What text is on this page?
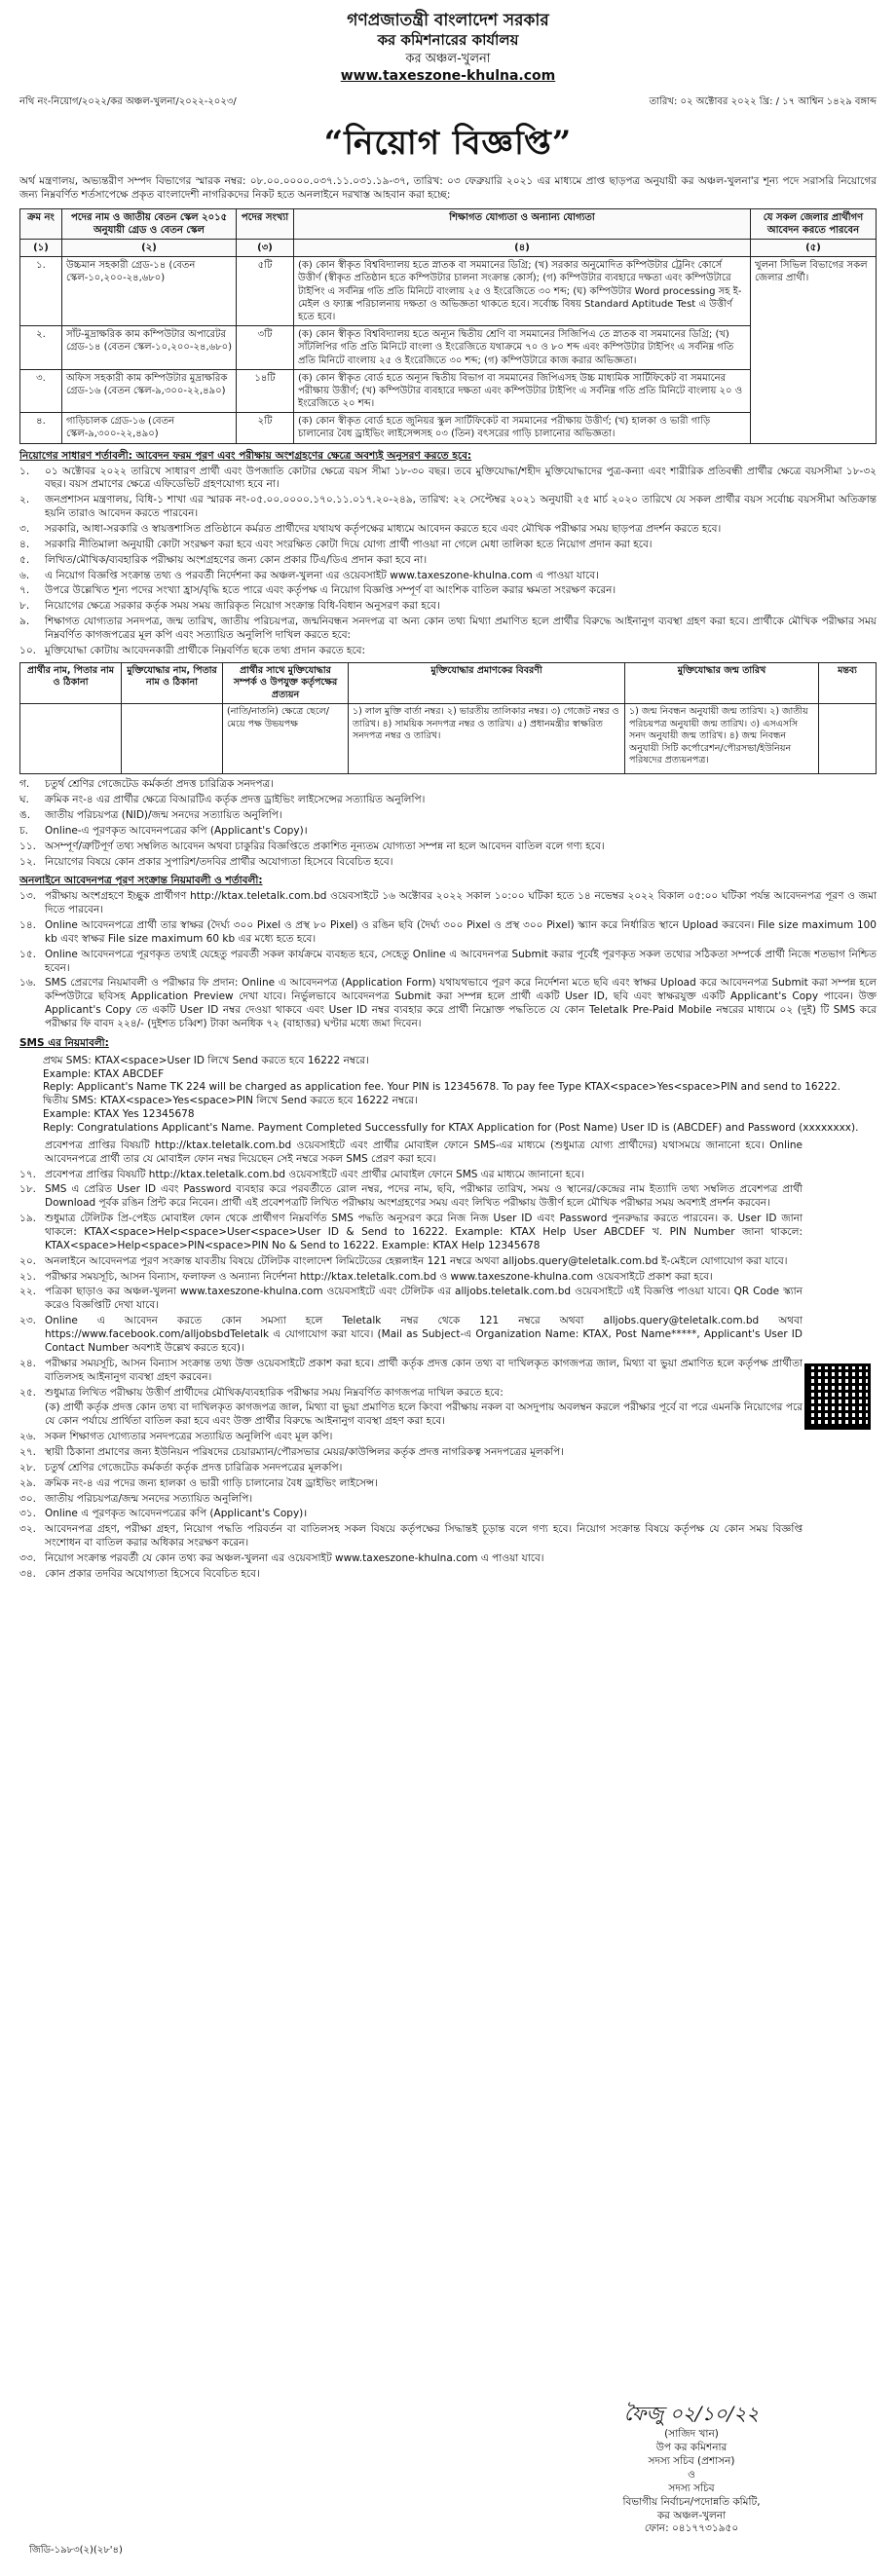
গণপ্রজাতন্ত্রী বাংলাদেশ সরকার
কর কমিশনারের কার্যালয়
কর অঞ্চল-খুলনা
www.taxeszone-khulna.com
নথি নং-নিয়োগ/২০২২/কর অঞ্চল-খুলনা/২০২২-২০২৩/	তারিখ: ০২ অক্টোবর ২০২২ খ্রি: / ১৭ আশ্বিন ১৪২৯ বঙ্গাব্দ
“নিয়োগ বিজ্ঞপ্তি”
অর্থ মন্ত্রণালয়, অভ্যন্তরীণ সম্পদ বিভাগের স্মারক নম্বর: ০৮.০০.০০০০.০৩৭.১১.০৩১.১৯-৩৭, তারিখ: ০৩ ফেব্রুয়ারি ২০২১ এর মাধ্যমে প্রাপ্ত ছাড়পত্র অনুযায়ী কর অঞ্চল-খুলনা'র শূন্য পদে সরাসরি নিয়োগের জন্য নিম্নবর্ণিত শর্তসাপেক্ষে প্রকৃত বাংলাদেশী নাগরিকদের নিকট হতে অনলাইনে দরখাস্ত আহবান করা হচ্ছে:
ক্রম নং	পদের নাম ও জাতীয় বেতন স্কেল ২০১৫ অনুযায়ী গ্রেড ও বেতন স্কেল	পদের সংখ্যা	শিক্ষাগত যোগ্যতা ও অন্যান্য যোগ্যতা	যে সকল জেলার প্রার্থীগণ আবেদন করতে পারবেন
(১)	(২)	(৩)	(৪)	(৫)
১.	উচ্চমান সহকারী গ্রেড-১৪ (বেতন স্কেল-১০,২০০-২৪,৬৮০)	৫টি	(ক) কোন স্বীকৃত বিশ্ববিদ্যালয় হতে স্নাতক বা সমমানের ডিগ্রি; (খ) সরকার অনুমোদিত কম্পিউটার ট্রেনিং কোর্সে উত্তীর্ণ (স্বীকৃত প্রতিষ্ঠান হতে কম্পিউটার চালনা সংক্রান্ত কোর্স); (গ) কম্পিউটার ব্যবহারে দক্ষতা এবং কম্পিউটারে টাইপিং এ সর্বনিম্ন গতি প্রতি মিনিটে বাংলায় ২৫ ও ইংরেজিতে ৩০ শব্দ; (ঘ) কম্পিউটার Word processing সহ ই-মেইল ও ফ্যাক্স পরিচালনায় দক্ষতা ও অভিজ্ঞতা থাকতে হবে। সর্বোচ্চ বিষয় Standard Aptitude Test এ উত্তীর্ণ হতে হবে।	খুলনা সিভিল বিভাগের সকল জেলার প্রার্থী।
২.	সাঁট-মুদ্রাক্ষরিক কাম কম্পিউটার অপারেটর গ্রেড-১৪ (বেতন স্কেল-১০,২০০-২৪,৬৮০)	৩টি	(ক) কোন স্বীকৃত বিশ্ববিদ্যালয় হতে অন্যূন দ্বিতীয় শ্রেণি বা সমমানের সিজিপিএ তে স্নাতক বা সমমানের ডিগ্রি; (খ) সাঁটলিপির গতি প্রতি মিনিটে বাংলা ও ইংরেজিতে যথাক্রমে ৭০ ও ৮০ শব্দ এবং কম্পিউটার টাইপিং এ সর্বনিম্ন গতি প্রতি মিনিটে বাংলায় ২৫ ও ইংরেজিতে ৩০ শব্দ; (গ) কম্পিউটারে কাজ করার অভিজ্ঞতা।	
৩.	অফিস সহকারী কাম কম্পিউটার মুদ্রাক্ষরিক গ্রেড-১৬ (বেতন স্কেল-৯,৩০০-২২,৪৯০)	১৪টি	(ক) কোন স্বীকৃত বোর্ড হতে অন্যূন দ্বিতীয় বিভাগ বা সমমানের জিপিএসহ উচ্চ মাধ্যমিক সার্টিফিকেট বা সমমানের পরীক্ষায় উত্তীর্ণ; (খ) কম্পিউটার ব্যবহারে দক্ষতা এবং কম্পিউটার টাইপিং এ সর্বনিম্ন গতি প্রতি মিনিটে বাংলায় ২০ ও ইংরেজিতে ২০ শব্দ।	
৪.	গাড়িচালক গ্রেড-১৬ (বেতন স্কেল-৯,৩০০-২২,৪৯০)	২টি	(ক) কোন স্বীকৃত বোর্ড হতে জুনিয়র স্কুল সার্টিফিকেট বা সমমানের পরীক্ষায় উত্তীর্ণ; (খ) হালকা ও ভারী গাড়ি চালানোর বৈধ ড্রাইভিং লাইসেন্সসহ ০৩ (তিন) বৎসরের গাড়ি চালানোর অভিজ্ঞতা।	
নিয়োগের সাধারণ শর্তাবলী: আবেদন ফরম পূরণ এবং পরীক্ষায় অংশগ্রহণের ক্ষেত্রে অবশ্যই অনুসরণ করতে হবে:
১.	০১ অক্টোবর ২০২২ তারিখে সাধারণ প্রার্থী এবং উপজাতি কোটার ক্ষেত্রে বয়স সীমা ১৮-৩০ বছর। তবে মুক্তিযোদ্ধা/শহীদ মুক্তিযোদ্ধাদের পুত্র-কন্যা এবং শারীরিক প্রতিবন্ধী প্রার্থীর ক্ষেত্রে বয়সসীমা ১৮-৩২ বছর। বয়স প্রমাণের ক্ষেত্রে এফিডেভিট গ্রহণযোগ্য হবে না।
২.	জনপ্রশাসন মন্ত্রণালয়, বিধি-১ শাখা এর স্মারক নং-০৫.০০.০০০০.১৭০.১১.০১৭.২০-২৪৯, তারিখ: ২২ সেপ্টেম্বর ২০২১ অনুযায়ী ২৫ মার্চ ২০২০ তারিখে যে সকল প্রার্থীর বয়স সর্বোচ্চ বয়সসীমা অতিক্রান্ত হয়নি তারাও আবেদন করতে পারবেন।
৩.	সরকারি, আধা-সরকারি ও স্বায়ত্তশাসিত প্রতিষ্ঠানে কর্মরত প্রার্থীদের যথাযথ কর্তৃপক্ষের মাধ্যমে আবেদন করতে হবে এবং মৌখিক পরীক্ষার সময় ছাড়পত্র প্রদর্শন করতে হবে।
৪.	সরকারি নীতিমালা অনুযায়ী কোটা সংরক্ষণ করা হবে এবং সংরক্ষিত কোটা দিয়ে যোগ্য প্রার্থী পাওয়া না গেলে মেধা তালিকা হতে নিয়োগ প্রদান করা হবে।
৫.	লিখিত/মৌখিক/ব্যবহারিক পরীক্ষায় অংশগ্রহণের জন্য কোন প্রকার টিএ/ডিএ প্রদান করা হবে না।
৬.	এ নিয়োগ বিজ্ঞপ্তি সংক্রান্ত তথ্য ও পরবর্তী নির্দেশনা কর অঞ্চল-খুলনা এর ওয়েবসাইট www.taxeszone-khulna.com এ পাওয়া যাবে।
৭.	উপরে উল্লেখিত শূন্য পদের সংখ্যা হ্রাস/বৃদ্ধি হতে পারে এবং কর্তৃপক্ষ এ নিয়োগ বিজ্ঞপ্তি সম্পূর্ণ বা আংশিক বাতিল করার ক্ষমতা সংরক্ষণ করেন।
৮.	নিয়োগের ক্ষেত্রে সরকার কর্তৃক সময় সময় জারিকৃত নিয়োগ সংক্রান্ত বিধি-বিধান অনুসরণ করা হবে।
৯.	শিক্ষাগত যোগ্যতার সনদপত্র, জন্ম তারিখ, জাতীয় পরিচয়পত্র, জন্মনিবন্ধন সনদপত্র বা অন্য কোন তথ্য মিথ্যা প্রমাণিত হলে প্রার্থীর বিরুদ্ধে আইনানুগ ব্যবস্থা গ্রহণ করা হবে। প্রার্থীকে মৌখিক পরীক্ষার সময় নিম্নবর্ণিত কাগজপত্রের মূল কপি এবং সত্যায়িত অনুলিপি দাখিল করতে হবে:
১০. মুক্তিযোদ্ধা কোটায় আবেদনকারী প্রার্থীকে নিম্নবর্ণিত ছকে তথ্য প্রদান করতে হবে:
প্রার্থীর নাম, পিতার নাম ও ঠিকানা	মুক্তিযোদ্ধার নাম, পিতার নাম ও ঠিকানা	প্রার্থীর সাথে মুক্তিযোদ্ধার সম্পর্ক ও উপযুক্ত কর্তৃপক্ষের প্রত্যয়ন	মুক্তিযোদ্ধার প্রমাণকের বিবরণী	মুক্তিযোদ্ধার জন্ম তারিখ	মন্তব্য
		(নাতি/নাতনি) ক্ষেত্রে ছেলে/মেয়ে পক্ষ উভয়পক্ষ	১) লাল মুক্তি বার্তা নম্বর। ২) ভারতীয় তালিকার নম্বর। ৩) গেজেট নম্বর ও তারিখ। ৪) সাময়িক সনদপত্র নম্বর ও তারিখ। ৫) প্রধানমন্ত্রীর স্বাক্ষরিত সনদপত্র নম্বর ও তারিখ।	১) জন্ম নিবন্ধন অনুযায়ী জন্ম তারিখ। ২) জাতীয় পরিচয়পত্র অনুযায়ী জন্ম তারিখ। ৩) এসএসসি সনদ অনুযায়ী জন্ম তারিখ। ৪) জন্ম নিবন্ধন অনুযায়ী সিটি কর্পোরেশন/পৌরসভা/ইউনিয়ন পরিষদের প্রত্যয়নপত্র।	
গ.	চতুর্থ শ্রেণির গেজেটেড কর্মকর্তা প্রদত্ত চারিত্রিক সনদপত্র।
ঘ.	ক্রমিক নং-৪ এর প্রার্থীর ক্ষেত্রে বিআরটিএ কর্তৃক প্রদত্ত ড্রাইভিং লাইসেন্সের সত্যায়িত অনুলিপি।
ঙ.	জাতীয় পরিচয়পত্র (NID)/জন্ম সনদের সত্যায়িত অনুলিপি।
চ.	Online-এ পূরণকৃত আবেদনপত্রের কপি (Applicant's Copy)।
১১. অসম্পূর্ণ/ত্রুটিপূর্ণ তথ্য সম্বলিত আবেদন অথবা চাকুরির বিজ্ঞপ্তিতে প্রকাশিত নূন্যতম যোগ্যতা সম্পন্ন না হলে আবেদন বাতিল বলে গণ্য হবে।
১২. নিয়োগের বিষয়ে কোন প্রকার সুপারিশ/তদবির প্রার্থীর অযোগ্যতা হিসেবে বিবেচিত হবে।
অনলাইনে আবেদনপত্র পূরণ সংক্রান্ত নিয়মাবলী ও শর্তাবলী:
১৩. পরীক্ষায় অংশগ্রহণে ইচ্ছুক প্রার্থীগণ http://ktax.teletalk.com.bd ওয়েবসাইটে ১৬ অক্টোবর ২০২২ সকাল ১০:০০ ঘটিকা হতে ১৪ নভেম্বর ২০২২ বিকাল ০৫:০০ ঘটিকা পর্যন্ত আবেদনপত্র পূরণ ও জমা দিতে পারবেন।
১৪. Online আবেদনপত্রে প্রার্থী তার স্বাক্ষর (দৈর্ঘ্য ৩০০ Pixel ও প্রস্থ ৮০ Pixel) ও রঙিন ছবি (দৈর্ঘ্য ৩০০ Pixel ও প্রস্থ ৩০০ Pixel) স্ক্যান করে নির্ধারিত স্থানে Upload করবেন। File size maximum 100 kb এবং স্বাক্ষর File size maximum 60 kb এর মধ্যে হতে হবে।
১৫. Online আবেদনপত্রে পূরণকৃত তথ্যই যেহেতু পরবর্তী সকল কার্যক্রমে ব্যবহৃত হবে, সেহেতু Online এ আবেদনপত্র Submit করার পূর্বেই পূরণকৃত সকল তথ্যের সঠিকতা সম্পর্কে প্রার্থী নিজে শতভাগ নিশ্চিত হবেন।
১৬. SMS প্রেরণের নিয়মাবলী ও পরীক্ষার ফি প্রদান: Online এ আবেদনপত্র (Application Form) যথাযথভাবে পূরণ করে নির্দেশনা মতে ছবি এবং স্বাক্ষর Upload করে আবেদনপত্র Submit করা সম্পন্ন হলে কম্পিউটারে ছবিসহ Application Preview দেখা যাবে। নির্ভুলভাবে আবেদনপত্র Submit করা সম্পন্ন হলে প্রার্থী একটি User ID, ছবি এবং স্বাক্ষরযুক্ত একটি Applicant's Copy পাবেন। উক্ত Applicant's Copy তে একটি User ID নম্বর দেওয়া থাকবে এবং User ID নম্বর ব্যবহার করে প্রার্থী নিম্নোক্ত পদ্ধতিতে যে কোন Teletalk Pre-Paid Mobile নম্বরের মাধ্যমে ০২ (দুই) টি SMS করে পরীক্ষার ফি বাবদ ২২৪/- (দুইশত চব্বিশ) টাকা অনধিক ৭২ (বাহাত্তর) ঘণ্টার মধ্যে জমা দিবেন।
SMS এর নিয়মাবলী:
প্রথম SMS: KTAX<space>User ID লিখে Send করতে হবে 16222 নম্বরে।
Example: KTAX ABCDEF
Reply: Applicant's Name TK 224 will be charged as application fee. Your PIN is 12345678. To pay fee Type KTAX<space>Yes<space>PIN and send to 16222.
দ্বিতীয় SMS: KTAX<space>Yes<space>PIN লিখে Send করতে হবে 16222 নম্বরে।
Example: KTAX Yes 12345678
Reply: Congratulations Applicant's Name. Payment Completed Successfully for KTAX Application for (Post Name) User ID is (ABCDEF) and Password (xxxxxxxx).
প্রবেশপত্র প্রাপ্তির বিষয়টি http://ktax.teletalk.com.bd ওয়েবসাইটে এবং প্রার্থীর মোবাইল ফোনে SMS-এর মাধ্যমে (শুধুমাত্র যোগ্য প্রার্থীদের) যথাসময়ে জানানো হবে। Online আবেদনপত্রে প্রার্থী তার যে মোবাইল ফোন নম্বর দিয়েছেন সেই নম্বরে সকল SMS প্রেরণ করা হবে।
১৭. প্রবেশপত্র প্রাপ্তির বিষয়টি http://ktax.teletalk.com.bd ওয়েবসাইটে এবং প্রার্থীর মোবাইল ফোনে SMS এর মাধ্যমে জানানো হবে।
১৮. SMS এ প্রেরিত User ID এবং Password ব্যবহার করে পরবর্তীতে রোল নম্বর, পদের নাম, ছবি, পরীক্ষার তারিখ, সময় ও স্থানের/কেন্দ্রের নাম ইত্যাদি তথ্য সম্বলিত প্রবেশপত্র প্রার্থী Download পূর্বক রঙিন প্রিন্ট করে নিবেন। প্রার্থী এই প্রবেশপত্রটি লিখিত পরীক্ষায় অংশগ্রহণের সময় এবং লিখিত পরীক্ষায় উত্তীর্ণ হলে মৌখিক পরীক্ষার সময় অবশ্যই প্রদর্শন করবেন।
১৯. শুধুমাত্র টেলিটক প্রি-পেইড মোবাইল ফোন থেকে প্রার্থীগণ নিম্নবর্ণিত SMS পদ্ধতি অনুসরণ করে নিজ নিজ User ID এবং Password পুনরুদ্ধার করতে পারবেন। ক. User ID জানা থাকলে: KTAX<space>Help<space>User<space>User ID & Send to 16222. Example: KTAX Help User ABCDEF খ. PIN Number জানা থাকলে: KTAX<space>Help<space>PIN<space>PIN No & Send to 16222. Example: KTAX Help 12345678
২০. অনলাইনে আবেদনপত্র পূরণ সংক্রান্ত যাবতীয় বিষয়ে টেলিটক বাংলাদেশ লিমিটেডের হেল্পলাইন 121 নম্বরে অথবা alljobs.query@teletalk.com.bd ই-মেইলে যোগাযোগ করা যাবে।
২১. পরীক্ষার সময়সূচি, আসন বিন্যাস, ফলাফল ও অন্যান্য নির্দেশনা http://ktax.teletalk.com.bd ও www.taxeszone-khulna.com ওয়েবসাইটে প্রকাশ করা হবে।
২২. পত্রিকা ছাড়াও কর অঞ্চল-খুলনা www.taxeszone-khulna.com ওয়েবসাইটে এবং টেলিটক এর alljobs.teletalk.com.bd ওয়েবসাইটে এই বিজ্ঞপ্তি পাওয়া যাবে। QR Code স্ক্যান করেও বিজ্ঞপ্তিটি দেখা যাবে।
২৩. Online এ আবেদন করতে কোন সমস্যা হলে Teletalk নম্বর থেকে 121 নম্বরে অথবা alljobs.query@teletalk.com.bd অথবা https://www.facebook.com/alljobsbdTeletalk এ যোগাযোগ করা যাবে। (Mail as Subject-এ Organization Name: KTAX, Post Name*****, Applicant's User ID Contact Number অবশ্যই উল্লেখ করতে হবে)।
২৪. পরীক্ষার সময়সূচি, আসন বিন্যাস সংক্রান্ত তথ্য উক্ত ওয়েবসাইটে প্রকাশ করা হবে। প্রার্থী কর্তৃক প্রদত্ত কোন তথ্য বা দাখিলকৃত কাগজপত্র জাল, মিথ্যা বা ভুয়া প্রমাণিত হলে কর্তৃপক্ষ প্রার্থীতা বাতিলসহ আইনানুগ ব্যবস্থা গ্রহণ করবেন।
২৫. শুধুমাত্র লিখিত পরীক্ষায় উত্তীর্ণ প্রার্থীদের মৌখিক/ব্যবহারিক পরীক্ষার সময় নিম্নবর্ণিত কাগজপত্র দাখিল করতে হবে:
(ক) প্রার্থী কর্তৃক প্রদত্ত কোন তথ্য বা দাখিলকৃত কাগজপত্র জাল, মিথ্যা বা ভুয়া প্রমাণিত হলে কিংবা পরীক্ষায় নকল বা অসদুপায় অবলম্বন করলে পরীক্ষার পূর্বে বা পরে এমনকি নিয়োগের পরে যে কোন পর্যায়ে প্রার্থিতা বাতিল করা হবে এবং উক্ত প্রার্থীর বিরুদ্ধে আইনানুগ ব্যবস্থা গ্রহণ করা হবে।
২৬. সকল শিক্ষাগত যোগ্যতার সনদপত্রের সত্যায়িত অনুলিপি এবং মূল কপি।
২৭. স্থায়ী ঠিকানা প্রমাণের জন্য ইউনিয়ন পরিষদের চেয়ারম্যান/পৌরসভার মেয়র/কাউন্সিলর কর্তৃক প্রদত্ত নাগরিকত্ব সনদপত্রের মূলকপি।
২৮. চতুর্থ শ্রেণির গেজেটেড কর্মকর্তা কর্তৃক প্রদত্ত চারিত্রিক সনদপত্রের মূলকপি।
২৯. ক্রমিক নং-৪ এর পদের জন্য হালকা ও ভারী গাড়ি চালানোর বৈধ ড্রাইভিং লাইসেন্স।
৩০. জাতীয় পরিচয়পত্র/জন্ম সনদের সত্যায়িত অনুলিপি।
৩১. Online এ পূরণকৃত আবেদনপত্রের কপি (Applicant's Copy)।
৩২. আবেদনপত্র গ্রহণ, পরীক্ষা গ্রহণ, নিয়োগ পদ্ধতি পরিবর্তন বা বাতিলসহ সকল বিষয়ে কর্তৃপক্ষের সিদ্ধান্তই চূড়ান্ত বলে গণ্য হবে। নিয়োগ সংক্রান্ত বিষয়ে কর্তৃপক্ষ যে কোন সময় বিজ্ঞপ্তি সংশোধন বা বাতিল করার অধিকার সংরক্ষণ করেন।
৩৩. নিয়োগ সংক্রান্ত পরবর্তী যে কোন তথ্য কর অঞ্চল-খুলনা এর ওয়েবসাইট www.taxeszone-khulna.com এ পাওয়া যাবে।
৩৪. কোন প্রকার তদবির অযোগ্যতা হিসেবে বিবেচিত হবে।
ফৈজু ০২/১০/২২
(সাজিদ খান)
উপ কর কমিশনার
সদস্য সচিব (প্রশাসন)
ও
সদস্য সচিব
বিভাগীয় নির্বাচন/পদোন্নতি কমিটি,
কর অঞ্চল-খুলনা
ফোন: ০৪১৭৭৩১৯৫০
জিডি-১৯৮৩(২)(২৮'৪)
